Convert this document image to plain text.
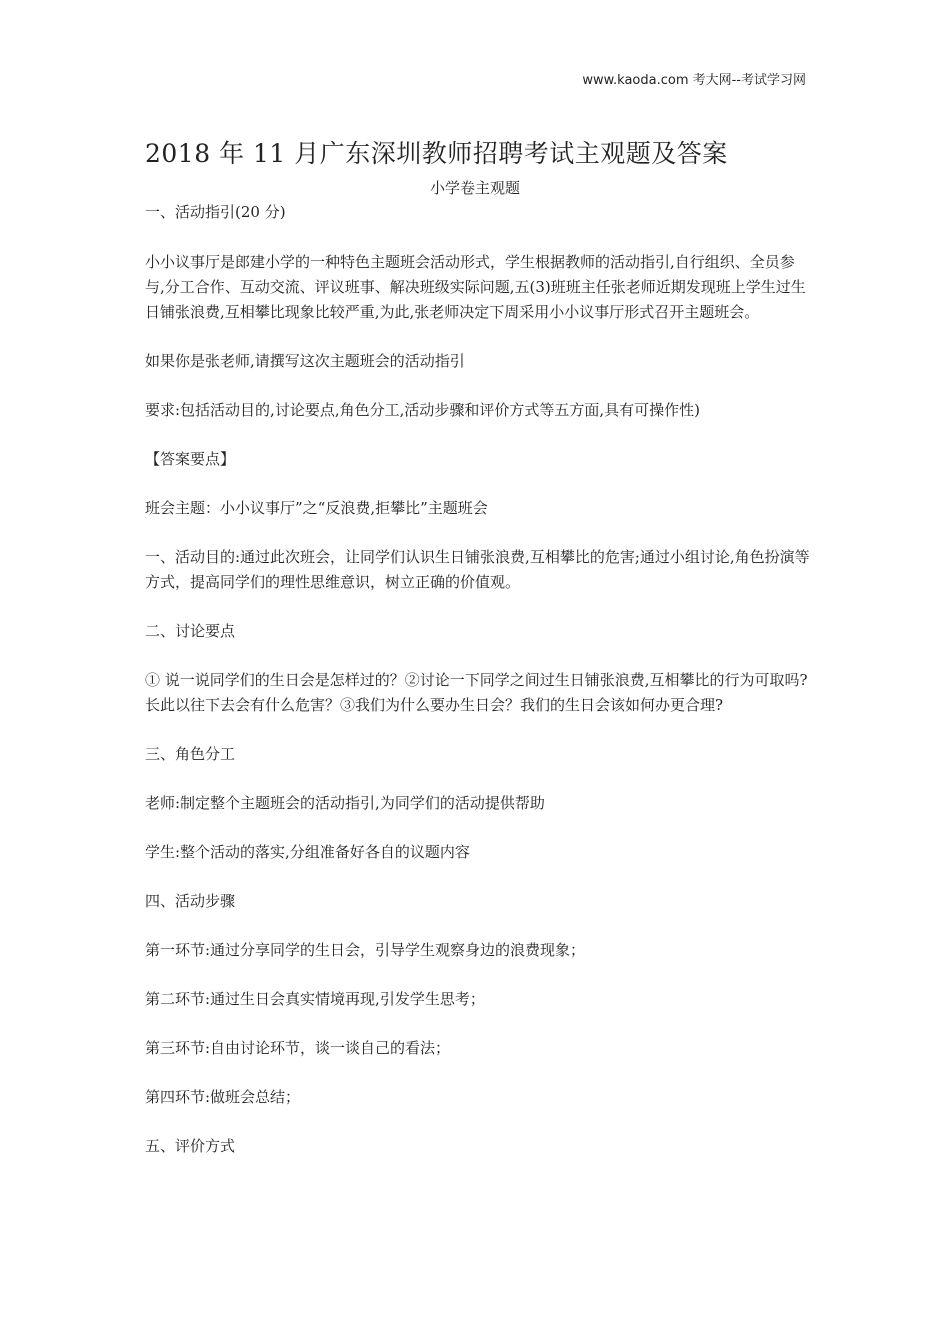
www.kaoda.com 考大网--考试学习网
2018 年 11 月广东深圳教师招聘考试主观题及答案
小学卷主观题

一、活动指引(20 分)

小小议事厅是郎建小学的一种特色主题班会活动形式，学生根据教师的活动指引,自行组织、全员参与,分工合作、互动交流、评议班事、解决班级实际问题,五(3)班班主任张老师近期发现班上学生过生日铺张浪费,互相攀比现象比较严重,为此,张老师决定下周采用小小议事厅形式召开主题班会。

如果你是张老师,请撰写这次主题班会的活动指引

要求:包括活动目的,讨论要点,角色分工,活动步骤和评价方式等五方面,具有可操作性)

【答案要点】

班会主题：小小议事厅”之“反浪费,拒攀比”主题班会

一、活动目的:通过此次班会，让同学们认识生日铺张浪费,互相攀比的危害;通过小组讨论,角色扮演等方式，提高同学们的理性思维意识，树立正确的价值观。

二、讨论要点

① 说一说同学们的生日会是怎样过的？②讨论一下同学之间过生日铺张浪费,互相攀比的行为可取吗?长此以往下去会有什么危害？③我们为什么要办生日会？我们的生日会该如何办更合理?

三、角色分工

老师:制定整个主题班会的活动指引,为同学们的活动提供帮助

学生:整个活动的落实,分组准备好各自的议题内容

四、活动步骤

第一环节:通过分享同学的生日会，引导学生观察身边的浪费现象；

第二环节:通过生日会真实情境再现,引发学生思考；

第三环节:自由讨论环节，谈一谈自己的看法；

第四环节:做班会总结；

五、评价方式
